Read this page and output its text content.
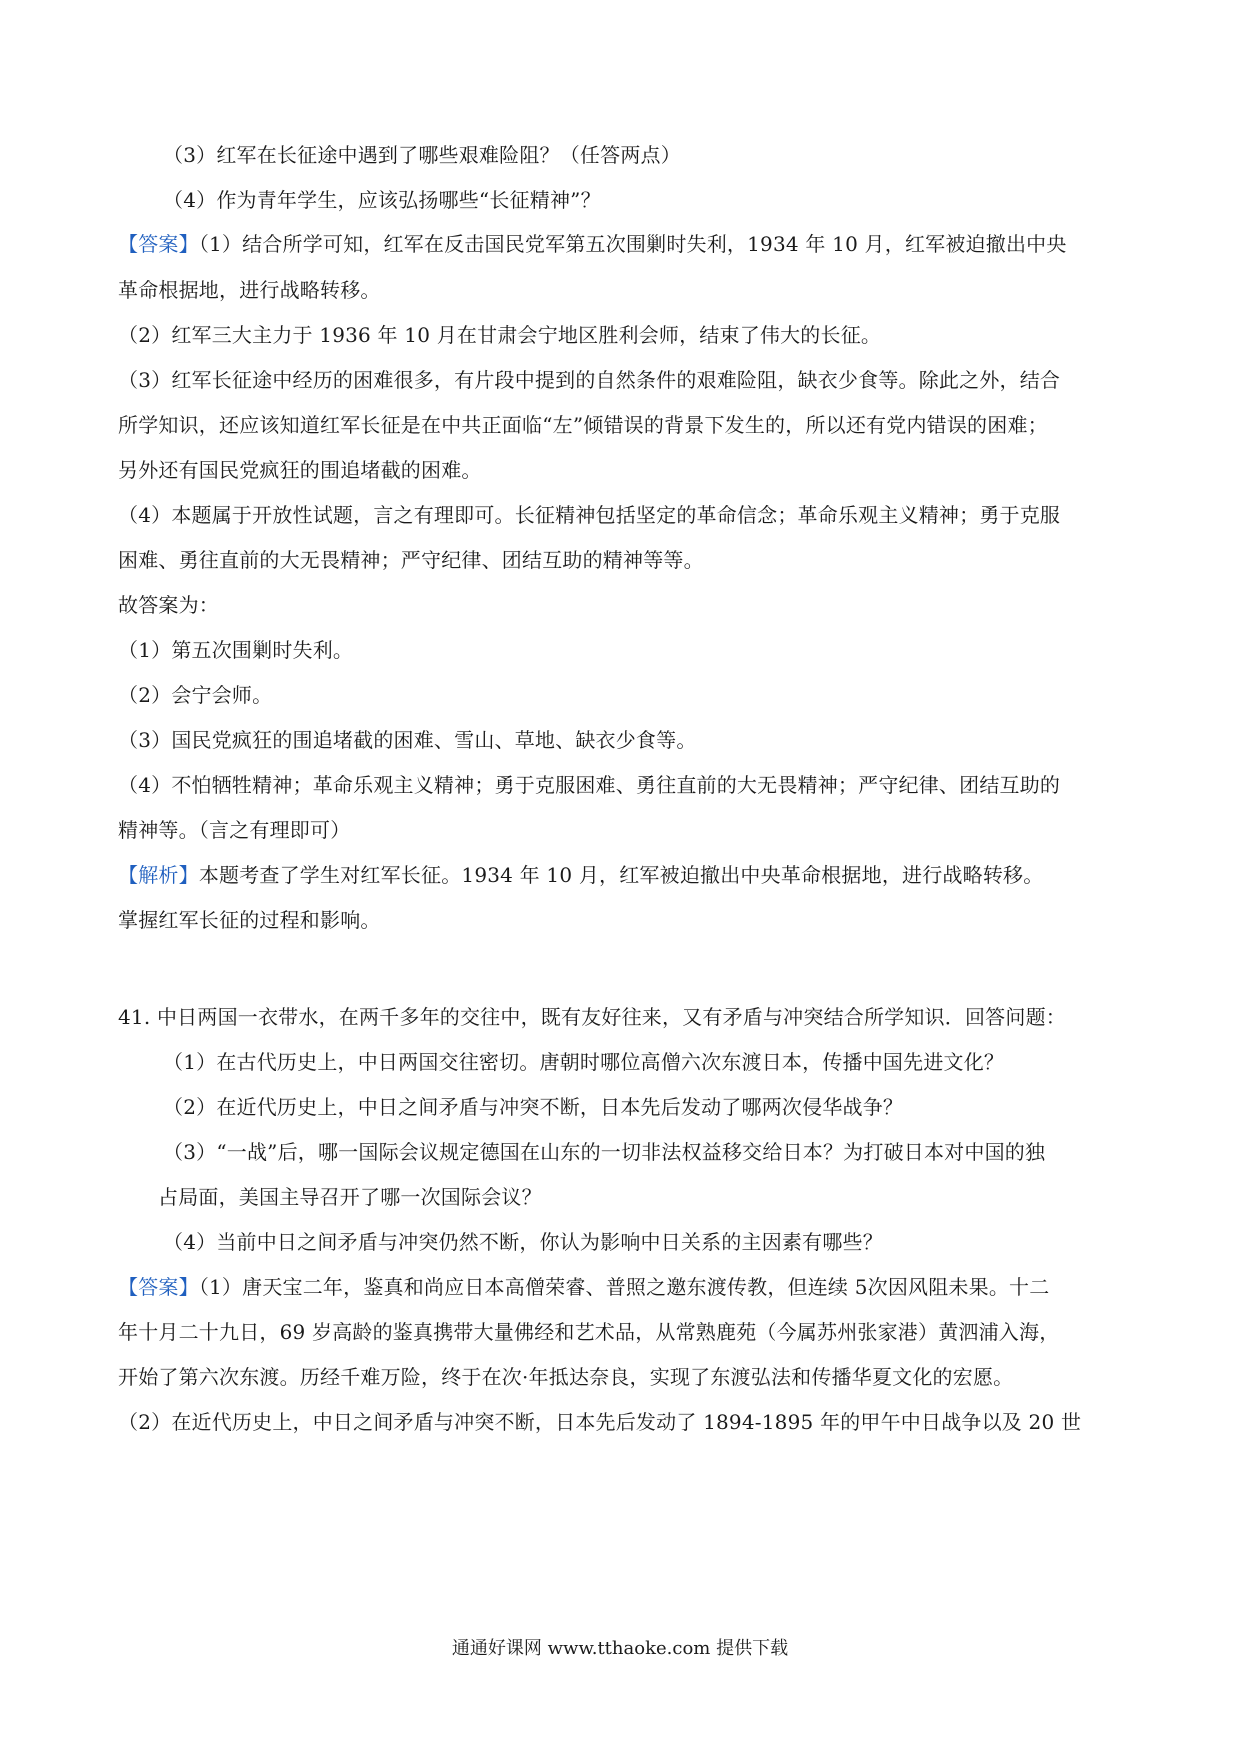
（3）红军在长征途中遇到了哪些艰难险阻？（任答两点）
（4）作为青年学生，应该弘扬哪些“长征精神”？
【答案】（1）结合所学可知，红军在反击国民党军第五次围剿时失利，1934 年 10 月，红军被迫撤出中央
革命根据地，进行战略转移。
（2）红军三大主力于 1936 年 10 月在甘肃会宁地区胜利会师，结束了伟大的长征。
（3）红军长征途中经历的困难很多，有片段中提到的自然条件的艰难险阻，缺衣少食等。除此之外，结合
所学知识，还应该知道红军长征是在中共正面临“左”倾错误的背景下发生的，所以还有党内错误的困难；
另外还有国民党疯狂的围追堵截的困难。
（4）本题属于开放性试题，言之有理即可。长征精神包括坚定的革命信念；革命乐观主义精神；勇于克服
困难、勇往直前的大无畏精神；严守纪律、团结互助的精神等等。
故答案为：
（1）第五次围剿时失利。
（2）会宁会师。
（3）国民党疯狂的围追堵截的困难、雪山、草地、缺衣少食等。
（4）不怕牺牲精神；革命乐观主义精神；勇于克服困难、勇往直前的大无畏精神；严守纪律、团结互助的
精神等。（言之有理即可）
【解析】本题考查了学生对红军长征。1934 年 10 月，红军被迫撤出中央革命根据地，进行战略转移。
掌握红军长征的过程和影响。
41. 中日两国一衣带水，在两千多年的交往中，既有友好往来，又有矛盾与冲突结合所学知识．回答问题：
（1）在古代历史上，中日两国交往密切。唐朝时哪位高僧六次东渡日本，传播中国先进文化？
（2）在近代历史上，中日之间矛盾与冲突不断，日本先后发动了哪两次侵华战争？
（3）“一战”后，哪一国际会议规定德国在山东的一切非法权益移交给日本？为打破日本对中国的独
占局面，美国主导召开了哪一次国际会议？
（4）当前中日之间矛盾与冲突仍然不断，你认为影响中日关系的主因素有哪些？
【答案】（1）唐天宝二年，鉴真和尚应日本高僧荣睿、普照之邀东渡传教，但连续 5次因风阻未果。十二
年十月二十九日，69 岁高龄的鉴真携带大量佛经和艺术品，从常熟鹿苑（今属苏州张家港）黄泗浦入海，
开始了第六次东渡。历经千难万险，终于在次·年抵达奈良，实现了东渡弘法和传播华夏文化的宏愿。
（2）在近代历史上，中日之间矛盾与冲突不断，日本先后发动了 1894-1895 年的甲午中日战争以及 20 世
通通好课网 www.tthaoke.com 提供下载
